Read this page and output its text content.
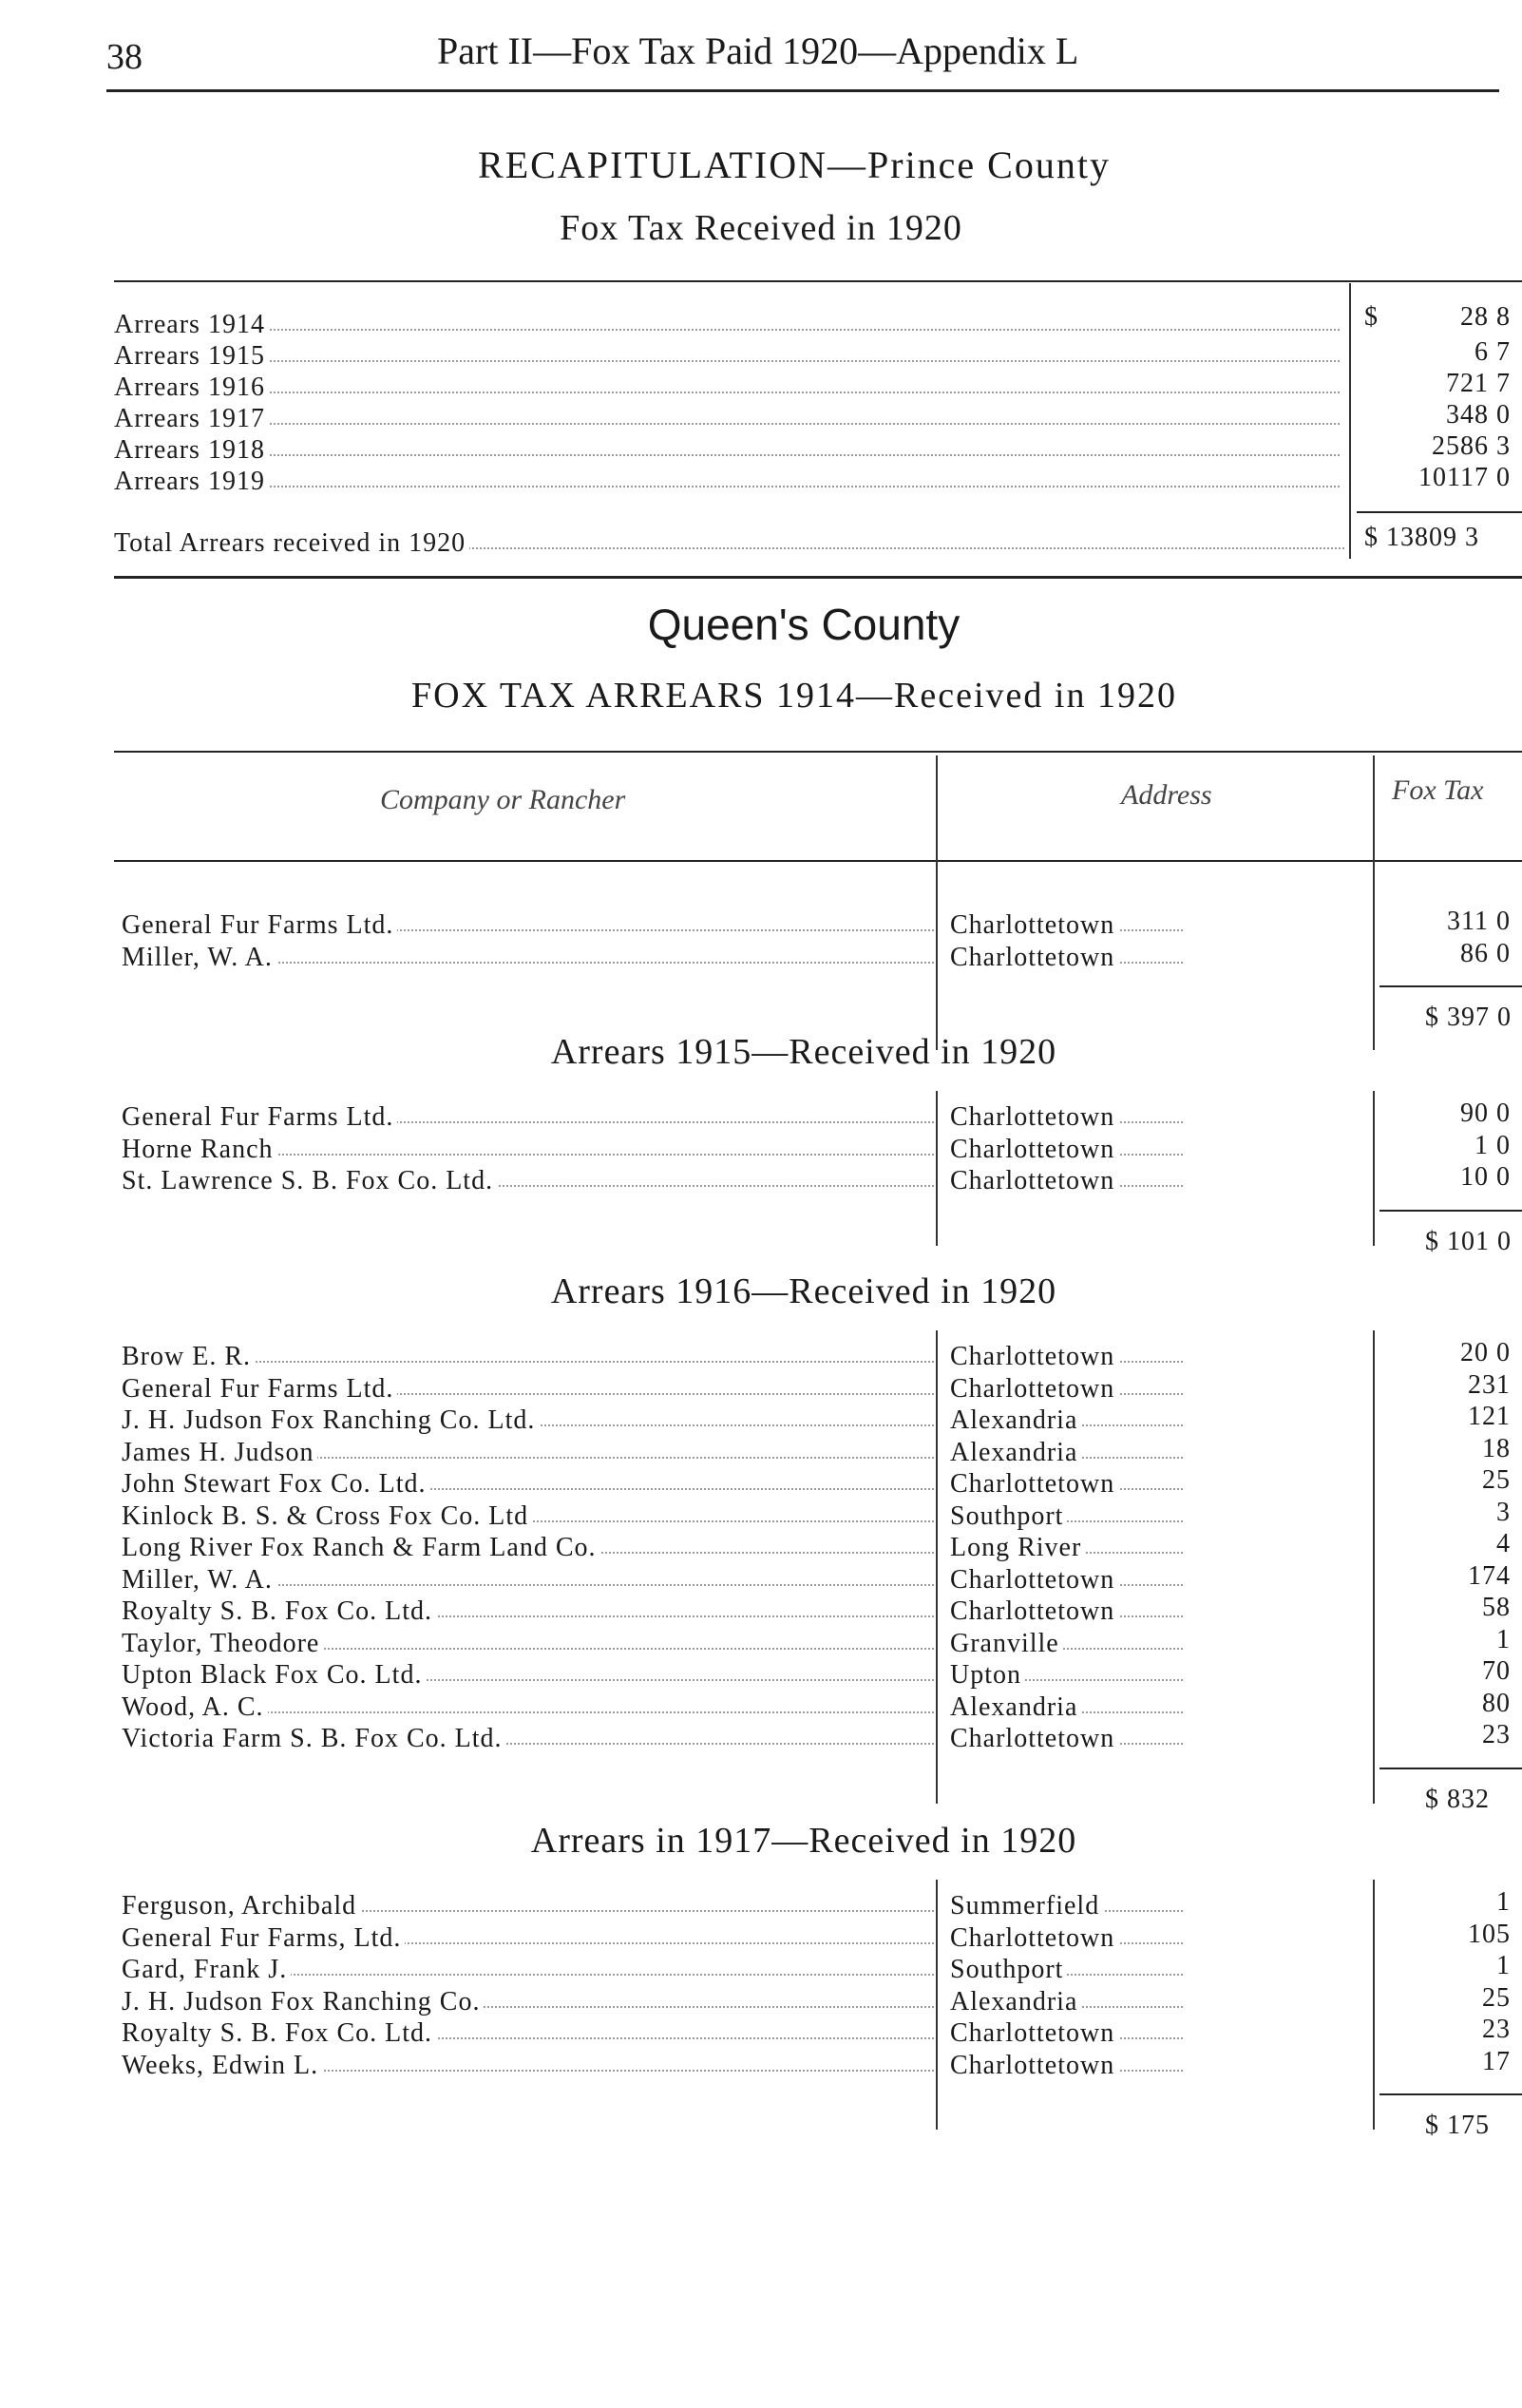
38	Part II—Fox Tax Paid 1920—Appendix L
RECAPITULATION—Prince County
Fox Tax Received in 1920
$
Arrears 1914	28 8
Arrears 1915	6 7
Arrears 1916	721 7
Arrears 1917	348 0
Arrears 1918	2586 3
Arrears 1919	10117 0
Total Arrears received in 1920	$ 13809 3
Queen's County
FOX TAX ARREARS 1914—Received in 1920
Company or Rancher	Address	Fox Tax
General Fur Farms Ltd.	Charlottetown	311 0
Miller, W. A.	Charlottetown	86 0
$ 397 0
Arrears 1915—Received in 1920
General Fur Farms Ltd.	Charlottetown	90 0
Horne Ranch	Charlottetown	1 0
St. Lawrence S. B. Fox Co. Ltd.	Charlottetown	10 0
$ 101 0
Arrears 1916—Received in 1920
Brow E. R.	Charlottetown	20 0
General Fur Farms Ltd.	Charlottetown	231
J. H. Judson Fox Ranching Co. Ltd.	Alexandria	121
James H. Judson	Alexandria	18
John Stewart Fox Co. Ltd.	Charlottetown	25
Kinlock B. S. & Cross Fox Co. Ltd	Southport	3
Long River Fox Ranch & Farm Land Co.	Long River	4
Miller, W. A.	Charlottetown	174
Royalty S. B. Fox Co. Ltd.	Charlottetown	58
Taylor, Theodore	Granville	1
Upton Black Fox Co. Ltd.	Upton	70
Wood, A. C.	Alexandria	80
Victoria Farm S. B. Fox Co. Ltd.	Charlottetown	23
$ 832
Arrears in 1917—Received in 1920
Ferguson, Archibald	Summerfield	1
General Fur Farms, Ltd.	Charlottetown	105
Gard, Frank J.	Southport	1
J. H. Judson Fox Ranching Co.	Alexandria	25
Royalty S. B. Fox Co. Ltd.	Charlottetown	23
Weeks, Edwin L.	Charlottetown	17
$ 175
